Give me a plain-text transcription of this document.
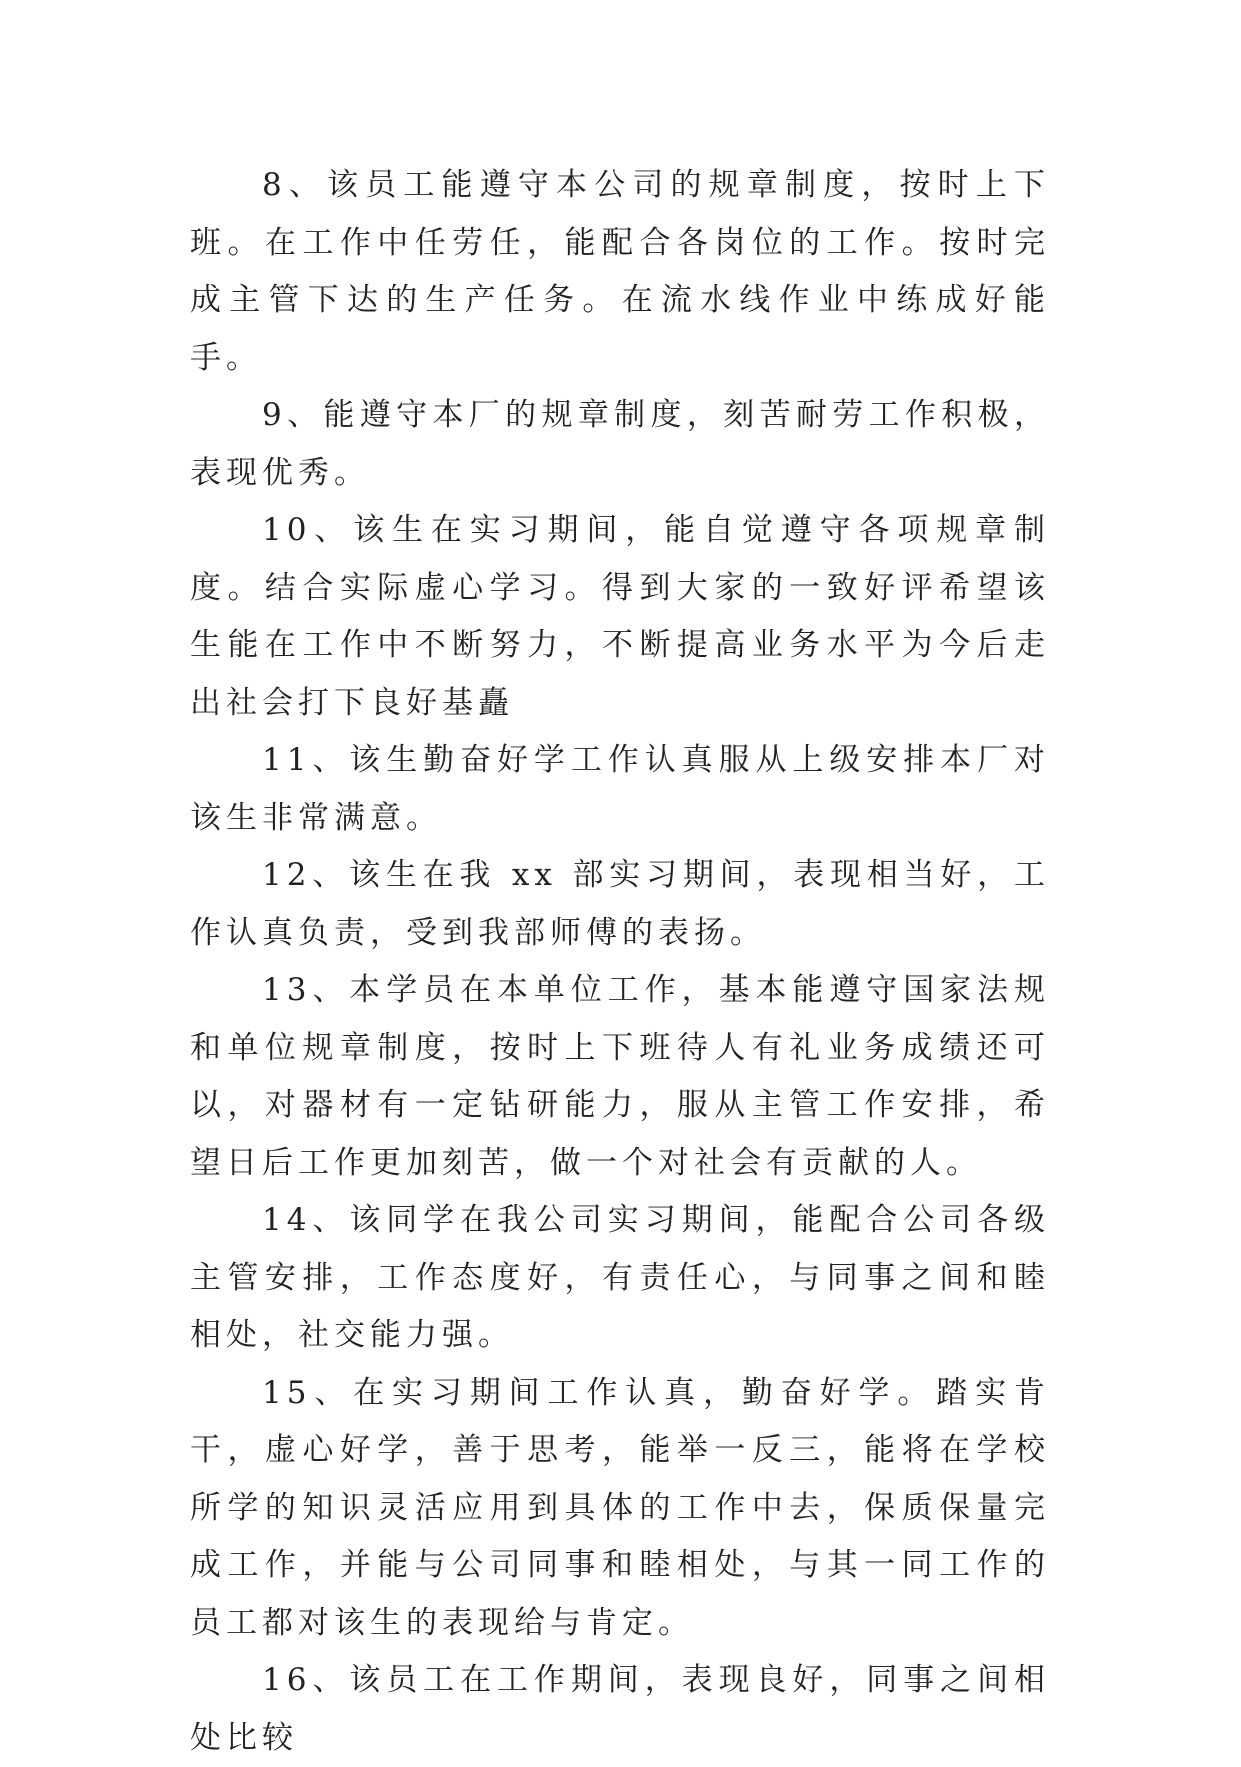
8、该员工能遵守本公司的规章制度，按时上下班。在工作中任劳任，能配合各岗位的工作。按时完成主管下达的生产任务。在流水线作业中练成好能手。

9、能遵守本厂的规章制度，刻苦耐劳工作积极，表现优秀。

10、该生在实习期间，能自觉遵守各项规章制度。结合实际虚心学习。得到大家的一致好评希望该生能在工作中不断努力，不断提高业务水平为今后走出社会打下良好基矗

11、该生勤奋好学工作认真服从上级安排本厂对该生非常满意。

12、该生在我 xx 部实习期间，表现相当好，工作认真负责，受到我部师傅的表扬。

13、本学员在本单位工作，基本能遵守国家法规和单位规章制度，按时上下班待人有礼业务成绩还可以，对器材有一定钻研能力，服从主管工作安排，希望日后工作更加刻苦，做一个对社会有贡献的人。

14、该同学在我公司实习期间，能配合公司各级主管安排，工作态度好，有责任心，与同事之间和睦相处，社交能力强。

15、在实习期间工作认真，勤奋好学。踏实肯干，虚心好学，善于思考，能举一反三，能将在学校所学的知识灵活应用到具体的工作中去，保质保量完成工作，并能与公司同事和睦相处，与其一同工作的员工都对该生的表现给与肯定。

16、该员工在工作期间，表现良好，同事之间相处比较
